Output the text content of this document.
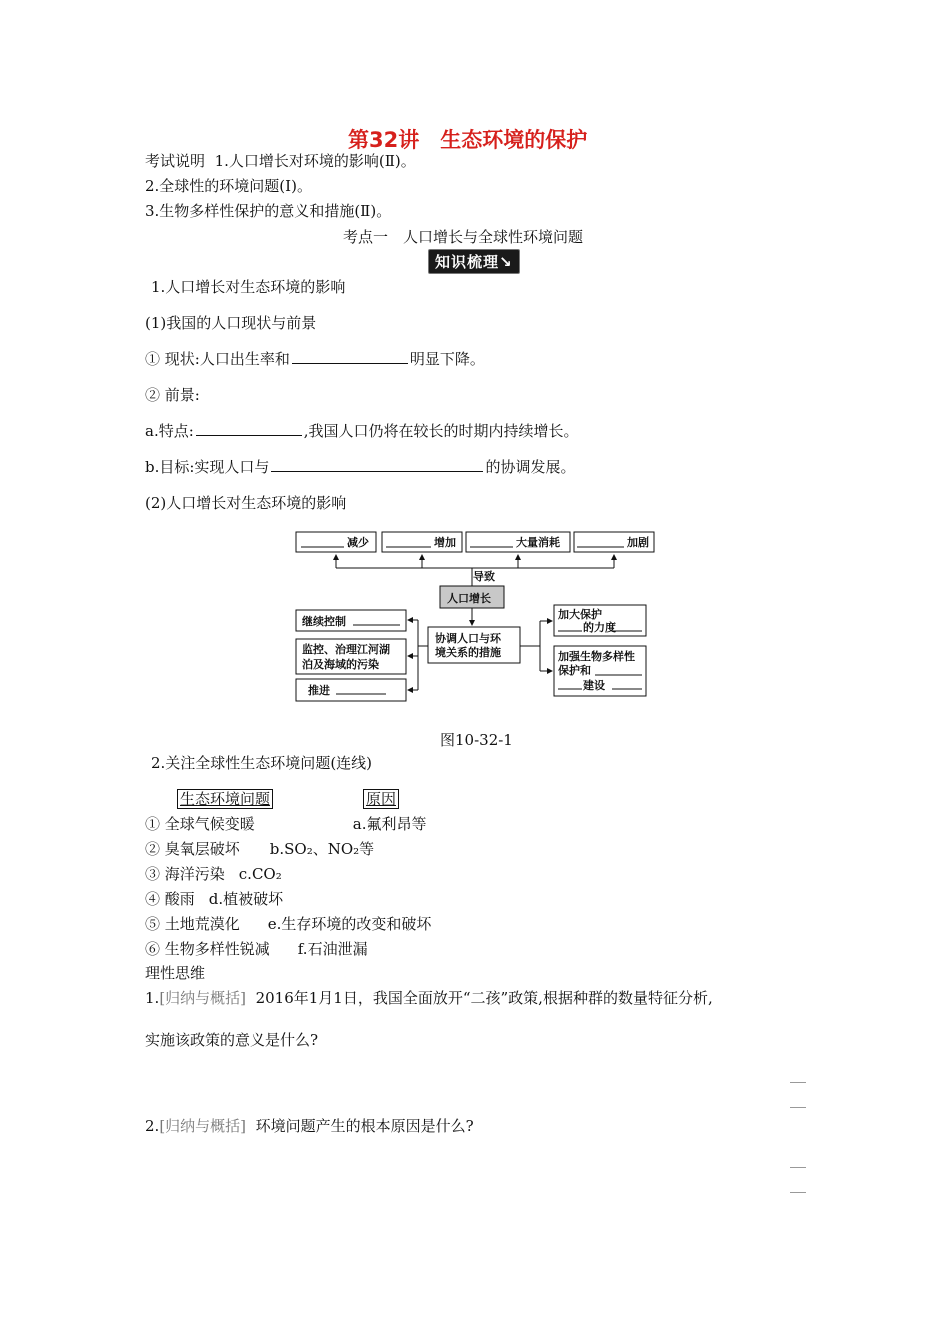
第32讲　生态环境的保护
考试说明 1.人口增长对环境的影响(Ⅱ)。
2.全球性的环境问题(Ⅰ)。
3.生物多样性保护的意义和措施(Ⅱ)。
考点一　人口增长与全球性环境问题
知识梳理↘
1.人口增长对生态环境的影响
(1)我国的人口现状与前景
① 现状:人口出生率和	明显下降。
② 前景:
a.特点:	,我国人口仍将在较长的时期内持续增长。
b.目标:实现人口与	的协调发展。
(2)人口增长对生态环境的影响
减少	增加	大量消耗	加剧
导致
人口增长
协调人口与环
境关系的措施
继续控制
监控、治理江河湖
泊及海域的污染
推进
加大保护
的力度
加强生物多样性
保护和
建设
图10-32-1
2.关注全球性生态环境问题(连线)
生态环境问题	原因
① 全球气候变暖	a.氟利昂等
② 臭氧层破坏 b.SO₂、NO₂等
③ 海洋污染 c.CO₂
④ 酸雨 d.植被破坏
⑤ 土地荒漠化 e.生存环境的改变和破坏
⑥ 生物多样性锐减 f.石油泄漏
理性思维
1.[归纳与概括] 2016年1月1日，我国全面放开“二孩”政策,根据种群的数量特征分析,
实施该政策的意义是什么?
2.[归纳与概括] 环境问题产生的根本原因是什么?
